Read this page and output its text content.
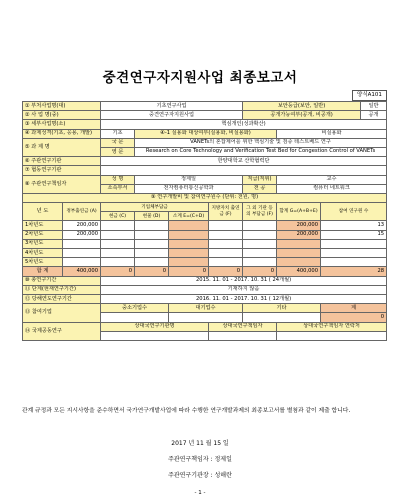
중견연구자지원사업 최종보고서
양식A101
① 부처사업명(대)		기초연구사업				보안등급(보안, 일반)			일반
② 사 업 명(중)		중견연구자지원사업				공개가능여부(공개, 비공개)			공개
③ 세부사업명(소)		핵심개인(성과확산)							
④ 과제성격(기초, 응용, 개발)		기초	④-1 실용화 대상여부(실용화, 비실용화)				비실용화		
⑤ 과 제 명		국 문	VANETs의 혼잡제어를 위한 핵심기술 및 검증 테스트베드 연구						
		영 문	Research on Core Technology and Verification Test Bed for Congestion Control of VANETs						
⑥ 주관연구기관		한양대학교 산학협력단							
⑦ 협동연구기관									
⑧ 주관연구책임자		성 명	정제일			직급(직위)	교수		
		소속부서	전자컴퓨터통신공학과			전 공	컴퓨터 네트워크		
⑨ 연구개발비 및 참여연구원수 (단위: 천원, 명)									
년 도	정부출연금 (A)	기업체부담금			지방자치 출연금 (F)	그 외 기관 등의 부담금 (F)	합계 G=(A+B+E)	참여 연구원 수	
		현금 (C)	현물 (D)	소계 E=(C+D)					
1차년도	200,000						200,000	13	
2차년도	200,000						200,000	15	
3차년도									
4차년도									
5차년도									
합 계	400,000	0	0	0	0	0	400,000	28	
⑩ 총연구기간		2015. 11. 01 - 2017. 10. 31 ( 24개월)							
⑪ 단계(현재연구기간)		기재하지 않음							
⑫ 당해연도연구기간		2016. 11. 01 - 2017. 10. 31 ( 12개월)							
⑬ 참여기업		중소기업수		대기업수		기타		계	
								0	
⑭ 국제공동연구		상대국연구기관명			상대국연구책임자		상대국연구책임자 연락처		

관계 규정과 모든 지시사항을 준수하면서 국가연구개발사업에 따라 수행한 연구개발과제의 최종보고서를 별첨과 같이 제출 합니다.
2017 년 11 월 15 일
주관연구책임자 : 정제일
주관연구기관장 : 성해란
- 1 -
